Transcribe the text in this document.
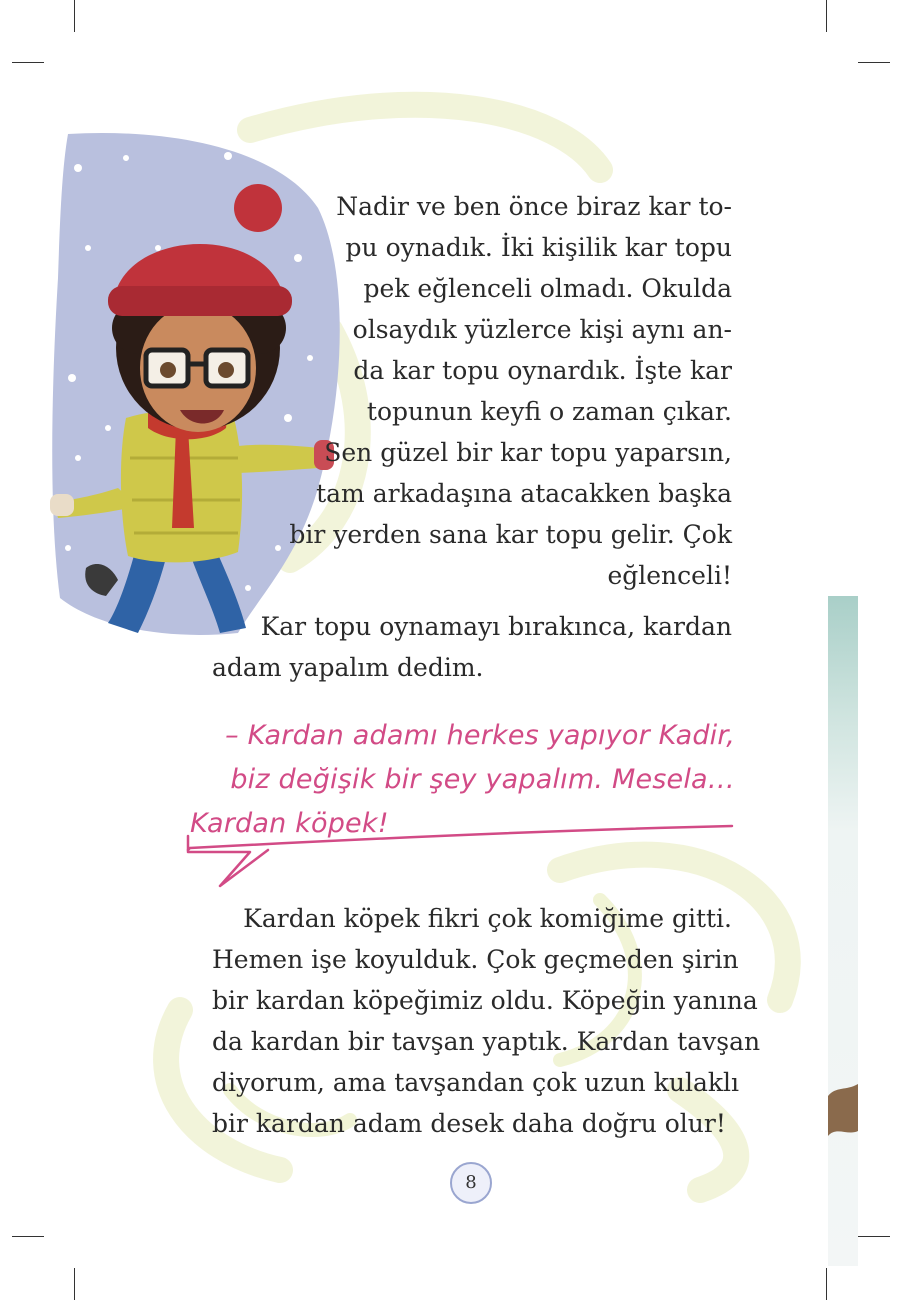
Nadir ve ben önce biraz kar to-
pu oynadık. İki kişilik kar topu
pek eğlenceli olmadı. Okulda
olsaydık yüzlerce kişi aynı an-
da kar topu oynardık. İşte kar
topunun keyfi o zaman çıkar.
Sen güzel bir kar topu yaparsın,
tam arkadaşına atacakken başka
bir yerden sana kar topu gelir. Çok
eğlenceli!

Kar topu oynamayı bırakınca, kardan
adam yapalım dedim.

– Kardan adamı herkes yapıyor Kadir,
biz değişik bir şey yapalım. Mesela…
Kardan köpek!

Kardan köpek fikri çok komiğime gitti.
Hemen işe koyulduk. Çok geçmeden şirin
bir kardan köpeğimiz oldu. Köpeğin yanına
da kardan bir tavşan yaptık. Kardan tavşan
diyorum, ama tavşandan çok uzun kulaklı
bir kardan adam desek daha doğru olur!

8
